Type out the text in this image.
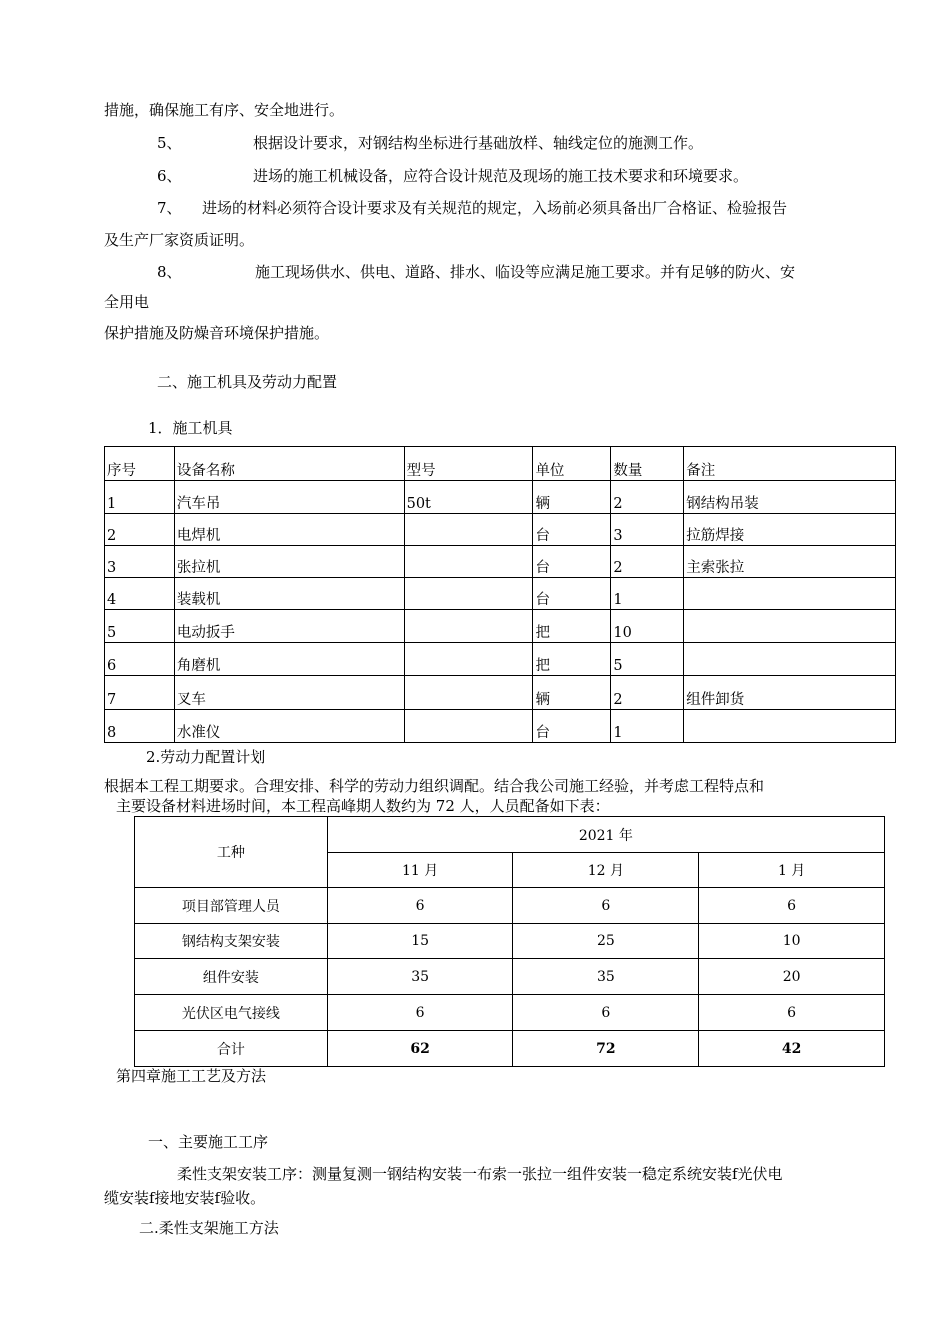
措施，确保施工有序、安全地进行。
5、	根据设计要求，对钢结构坐标进行基础放样、轴线定位的施测工作。
6、	进场的施工机械设备，应符合设计规范及现场的施工技术要求和环境要求。
7、 进场的材料必须符合设计要求及有关规范的规定，入场前必须具备出厂合格证、检验报告
及生产厂家资质证明。
8、	施工现场供水、供电、道路、排水、临设等应满足施工要求。并有足够的防火、安
全用电
保护措施及防燥音环境保护措施。
二、施工机具及劳动力配置
1．施工机具
序号	设备名称	型号	单位	数量	备注
1	汽车吊	50t	辆	2	钢结构吊装
2	电焊机		台	3	拉筋焊接
3	张拉机		台	2	主索张拉
4	装载机		台	1	
5	电动扳手		把	10	
6	角磨机		把	5	
7	叉车		辆	2	组件卸货
8	水准仪		台	1	
2.劳动力配置计划
根据本工程工期要求。合理安排、科学的劳动力组织调配。结合我公司施工经验，并考虑工程特点和
主要设备材料进场时间，本工程高峰期人数约为 72 人，人员配备如下表：
工种	2021 年		
	11 月	12 月	1 月
项目部管理人员	6	6	6
钢结构支架安装	15	25	10
组件安装	35	35	20
光伏区电气接线	6	6	6
合计	62	72	42
第四章施工工艺及方法
一、主要施工工序
柔性支架安装工序：测量复测一钢结构安装一布索一张拉一组件安装一稳定系统安装f光伏电
缆安装f接地安装f验收。
二.柔性支架施工方法
